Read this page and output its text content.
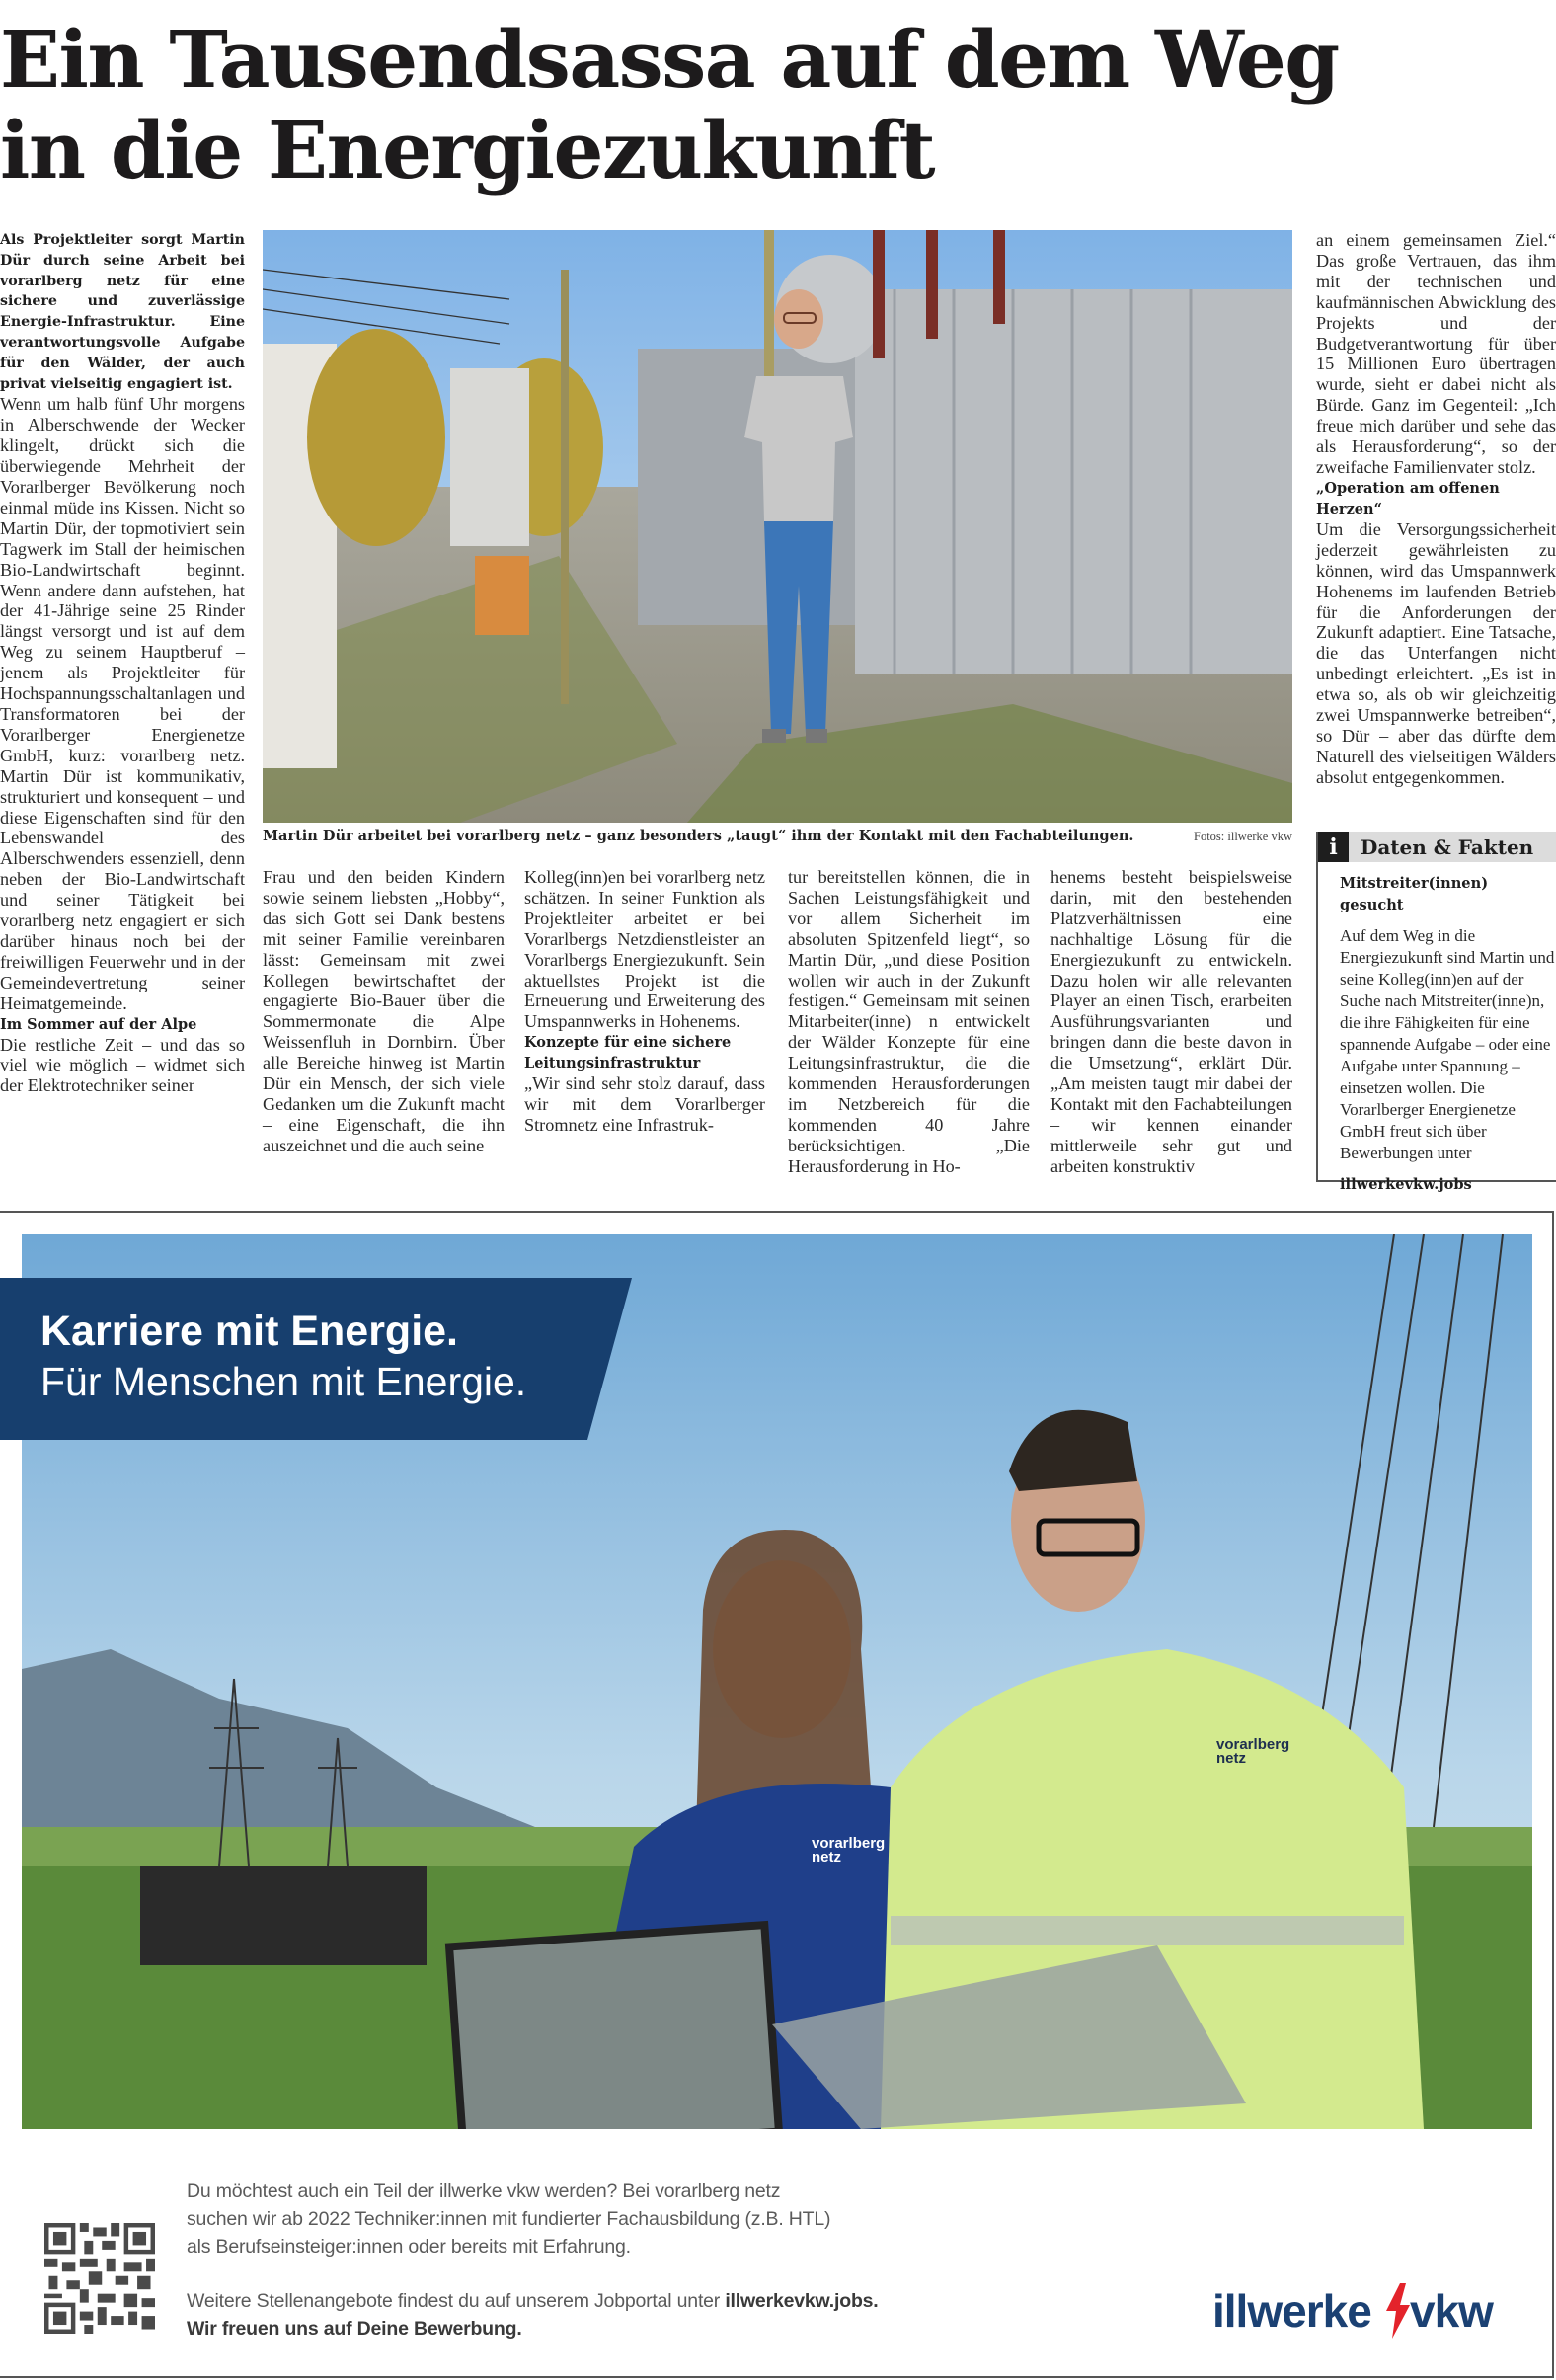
Ein Tausendsassa auf dem Weg
in die Energiezukunft

Als Projektleiter sorgt Martin Dür durch seine Arbeit bei vorarlberg netz für eine sichere und zuverlässige Energie-Infrastruktur. Eine verantwortungsvolle Aufgabe für den Wälder, der auch privat vielseitig engagiert ist.

Wenn um halb fünf Uhr morgens in Alberschwende der Wecker klingelt, drückt sich die überwiegende Mehrheit der Vorarlberger Bevölkerung noch einmal müde ins Kissen. Nicht so Martin Dür, der topmotiviert sein Tagwerk im Stall der heimischen Bio-Landwirtschaft beginnt. Wenn andere dann aufstehen, hat der 41-Jährige seine 25 Rinder längst versorgt und ist auf dem Weg zu seinem Hauptberuf – jenem als Projektleiter für Hochspannungsschaltanlagen und Transformatoren bei der Vorarlberger Energienetze GmbH, kurz: vorarlberg netz. Martin Dür ist kommunikativ, strukturiert und konsequent – und diese Eigenschaften sind für den Lebenswandel des Alberschwenders essenziell, denn neben der Bio-Landwirtschaft und seiner Tätigkeit bei vorarlberg netz engagiert er sich darüber hinaus noch bei der freiwilligen Feuerwehr und in der Gemeindevertretung seiner Heimatgemeinde.

Im Sommer auf der Alpe

Die restliche Zeit – und das so viel wie möglich – widmet sich der Elektrotechniker seiner

Martin Dür arbeitet bei vorarlberg netz – ganz besonders „taugt“ ihm der Kontakt mit den Fachabteilungen.	Fotos: illwerke vkw

Frau und den beiden Kindern sowie seinem liebsten „Hobby“, das sich Gott sei Dank bestens mit seiner Familie vereinbaren lässt: Gemeinsam mit zwei Kollegen bewirtschaftet der engagierte Bio-Bauer über die Sommermonate die Alpe Weissenfluh in Dornbirn. Über alle Bereiche hinweg ist Martin Dür ein Mensch, der sich viele Gedanken um die Zukunft macht – eine Eigenschaft, die ihn auszeichnet und die auch seine

Kolleg(inn)en bei vorarlberg netz schätzen. In seiner Funktion als Projektleiter arbeitet er bei Vorarlbergs Netzdienstleister an Vorarlbergs Energiezukunft. Sein aktuellstes Projekt ist die Erneuerung und Erweiterung des Umspannwerks in Hohenems.

Konzepte für eine sichere Leitungsinfrastruktur

„Wir sind sehr stolz darauf, dass wir mit dem Vorarlberger Stromnetz eine Infrastruk-

tur bereitstellen können, die in Sachen Leistungsfähigkeit und vor allem Sicherheit im absoluten Spitzenfeld liegt“, so Martin Dür, „und diese Position wollen wir auch in der Zukunft festigen.“ Gemeinsam mit seinen Mitarbeiter(inne) n entwickelt der Wälder Konzepte für eine Leitungsinfrastruktur, die die kommenden Herausforderungen im Netzbereich für die kommenden 40 Jahre berücksichtigen. „Die Herausforderung in Ho-

henems besteht beispielsweise darin, mit den bestehenden Platzverhältnissen eine nachhaltige Lösung für die Energiezukunft zu entwickeln. Dazu holen wir alle relevanten Player an einen Tisch, erarbeiten Ausführungsvarianten und bringen dann die beste davon in die Umsetzung“, erklärt Dür. „Am meisten taugt mir dabei der Kontakt mit den Fachabteilungen – wir kennen einander mittlerweile sehr gut und arbeiten konstruktiv

an einem gemeinsamen Ziel.“ Das große Vertrauen, das ihm mit der technischen und kaufmännischen Abwicklung des Projekts und der Budgetverantwortung für über 15 Millionen Euro übertragen wurde, sieht er dabei nicht als Bürde. Ganz im Gegenteil: „Ich freue mich darüber und sehe das als Herausforderung“, so der zweifache Familienvater stolz.

„Operation am offenen Herzen“

Um die Versorgungssicherheit jederzeit gewährleisten zu können, wird das Umspannwerk Hohenems im laufenden Betrieb für die Anforderungen der Zukunft adaptiert. Eine Tatsache, die das Unterfangen nicht unbedingt erleichtert. „Es ist in etwa so, als ob wir gleichzeitig zwei Umspannwerke betreiben“, so Dür – aber das dürfte dem Naturell des vielseitigen Wälders absolut entgegenkommen.

i	Daten & Fakten
Mitstreiter(innen) gesucht
Auf dem Weg in die Energiezukunft sind Martin und seine Kolleg(inn)en auf der Suche nach Mitstreiter(inne)n, die ihre Fähigkeiten für eine spannende Aufgabe – oder eine Aufgabe unter Spannung – einsetzen wollen. Die Vorarlberger Energienetze GmbH freut sich über Bewerbungen unter
illwerkevkw.jobs
vorarlberg
netz
vorarlberg
netz
Du möchtest auch ein Teil der illwerke vkw werden? Bei vorarlberg netz
suchen wir ab 2022 Techniker:innen mit fundierter Fachausbildung (z.B. HTL)
als Berufseinsteiger:innen oder bereits mit Erfahrung.
Weitere Stellenangebote findest du auf unserem Jobportal unter illwerkevkw.jobs.
Wir freuen uns auf Deine Bewerbung.
Karriere mit Energie.
Für Menschen mit Energie.
illwerke vkw
